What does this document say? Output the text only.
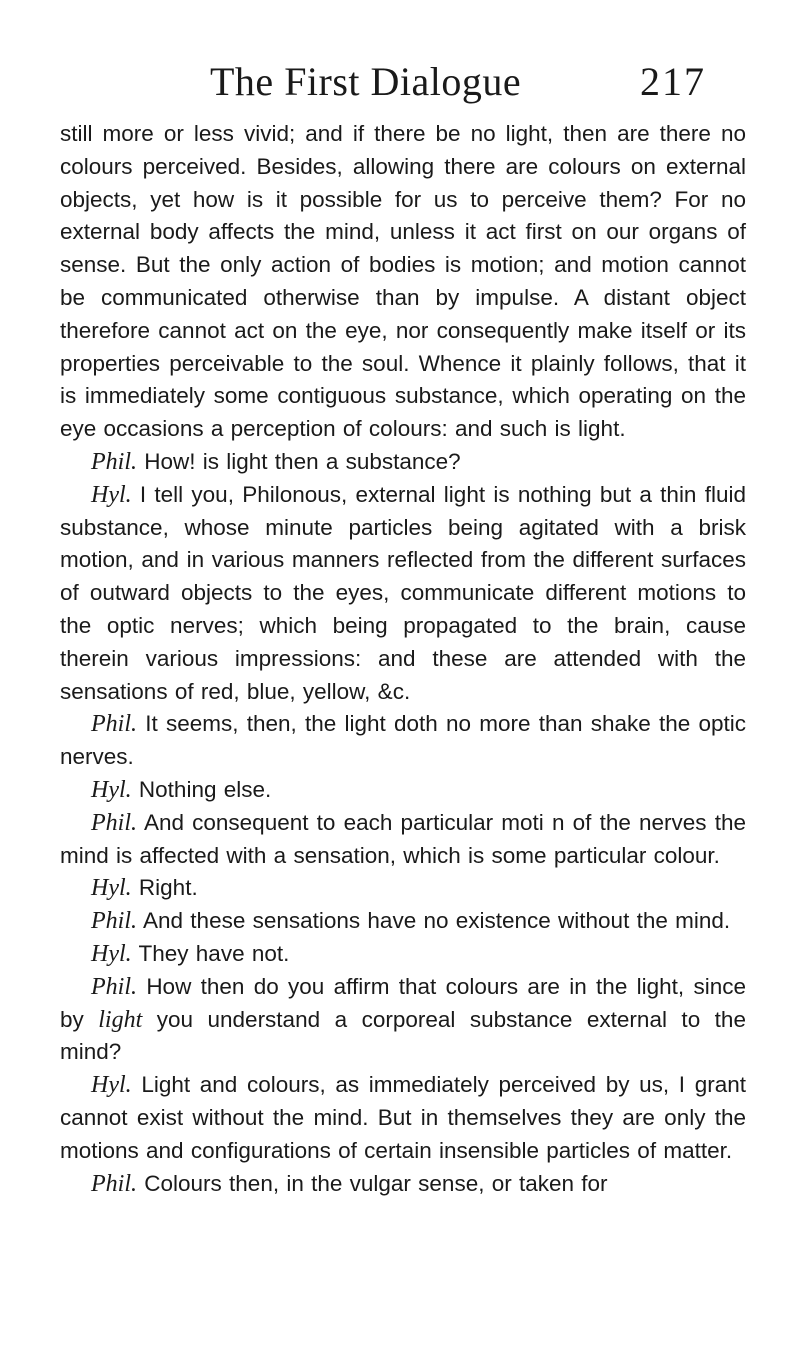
The First Dialogue	217

still more or less vivid; and if there be no light, then are there no colours perceived. Besides, allowing there are colours on external objects, yet how is it possible for us to perceive them? For no external body affects the mind, unless it act first on our organs of sense. But the only action of bodies is motion; and motion cannot be communicated otherwise than by impulse. A distant object therefore cannot act on the eye, nor consequently make itself or its properties perceivable to the soul. Whence it plainly follows, that it is immediately some contiguous substance, which operating on the eye occasions a perception of colours: and such is light.

Phil. How! is light then a substance?

Hyl. I tell you, Philonous, external light is nothing but a thin fluid substance, whose minute particles being agitated with a brisk motion, and in various manners reflected from the different surfaces of outward objects to the eyes, communicate different motions to the optic nerves; which being propagated to the brain, cause therein various impressions: and these are attended with the sensations of red, blue, yellow, &c.

Phil. It seems, then, the light doth no more than shake the optic nerves.

Hyl. Nothing else.

Phil. And consequent to each particular moti n of the nerves the mind is affected with a sensation, which is some particular colour.

Hyl. Right.

Phil. And these sensations have no existence without the mind.

Hyl. They have not.

Phil. How then do you affirm that colours are in the light, since by light you understand a corporeal substance external to the mind?

Hyl. Light and colours, as immediately perceived by us, I grant cannot exist without the mind. But in themselves they are only the motions and configurations of certain insensible particles of matter.

Phil. Colours then, in the vulgar sense, or taken for
